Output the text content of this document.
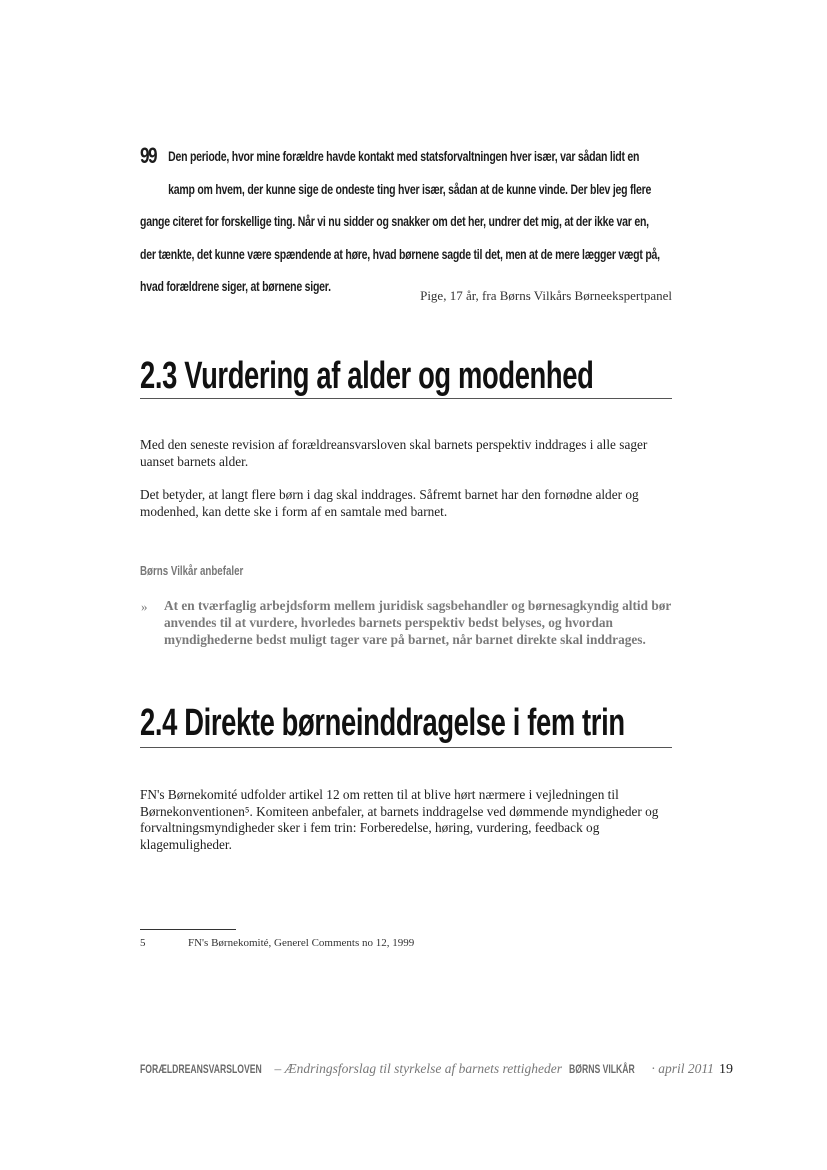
99 Den periode, hvor mine forældre havde kontakt med statsforvaltningen hver især, var sådan lidt en

kamp om hvem, der kunne sige de ondeste ting hver især, sådan at de kunne vinde. Der blev jeg flere

gange citeret for forskellige ting. Når vi nu sidder og snakker om det her, undrer det mig, at der ikke var en,

der tænkte, det kunne være spændende at høre, hvad børnene sagde til det, men at de mere lægger vægt på,

hvad forældrene siger, at børnene siger.

Pige, 17 år, fra Børns Vilkårs Børneekspertpanel
2.3 Vurdering af alder og modenhed
Med den seneste revision af forældreansvarsloven skal barnets perspektiv inddrages i alle sager uanset barnets alder.
Det betyder, at langt flere børn i dag skal inddrages. Såfremt barnet har den fornødne alder og modenhed, kan dette ske i form af en samtale med barnet.
Børns Vilkår anbefaler
» At en tværfaglig arbejdsform mellem juridisk sagsbehandler og børnesagkyndig altid bør anvendes til at vurdere, hvorledes barnets perspektiv bedst belyses, og hvordan myndighederne bedst muligt tager vare på barnet, når barnet direkte skal inddrages.
2.4 Direkte børneinddragelse i fem trin
FN's Børnekomité udfolder artikel 12 om retten til at blive hørt nærmere i vejledningen til Børnekonventionen⁵. Komiteen anbefaler, at barnets inddragelse ved dømmende myndigheder og forvaltningsmyndigheder sker i fem trin: Forberedelse, høring, vurdering, feedback og klagemuligheder.
5	FN's Børnekomité, Generel Comments no 12, 1999
FORÆLDREANSVARSLOVEN – Ændringsforslag til styrkelse af barnets rettigheder BØRNS VILKÅR · april 2011 19
